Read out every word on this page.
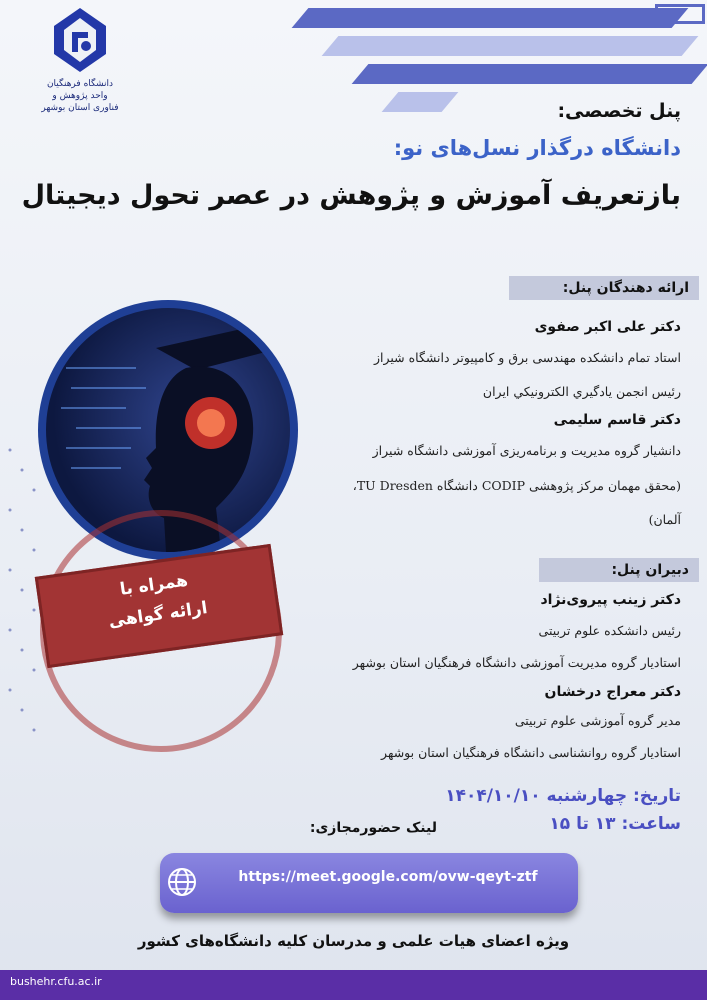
دانشگاه فرهنگیان
واحد پژوهش و فناوری استان بوشهر	پنل تخصصی:
دانشگاه درگذار نسل‌های نو:
بازتعریف آموزش و پژوهش در عصر تحول دیجیتال
همراه با
ارائه گواهی
ارائه دهندگان پنل:
دکتر علی اکبر صفوی
استاد تمام دانشکده مهندسی برق و کامپیوتر دانشگاه شیراز
رئیس انجمن یادگیري الکترونیکي ایران
دکتر قاسم سلیمی
دانشیار گروه مدیریت و برنامه‌ریزی آموزشی دانشگاه شیراز
(محقق مهمان مرکز پژوهشی CODIP دانشگاه TU Dresden،
آلمان)
دبیران پنل:
دکتر زینب پیروی‌نژاد
رئیس دانشکده علوم تربیتی
استادیار گروه مدیریت آموزشی دانشگاه فرهنگیان استان بوشهر
دکتر معراج درخشان
مدیر گروه آموزشی علوم تربیتی
استادیار گروه روانشناسی دانشگاه فرهنگیان استان بوشهر
تاریخ: چهارشنبه ۱۴۰۴/۱۰/۱۰
ساعت: ۱۳ تا ۱۵
لینک حضورمجازی:
https://meet.google.com/ovw-qeyt-ztf
ویژه اعضای هیات علمی و مدرسان کلیه دانشگاه‌های کشور
bushehr.cfu.ac.ir
